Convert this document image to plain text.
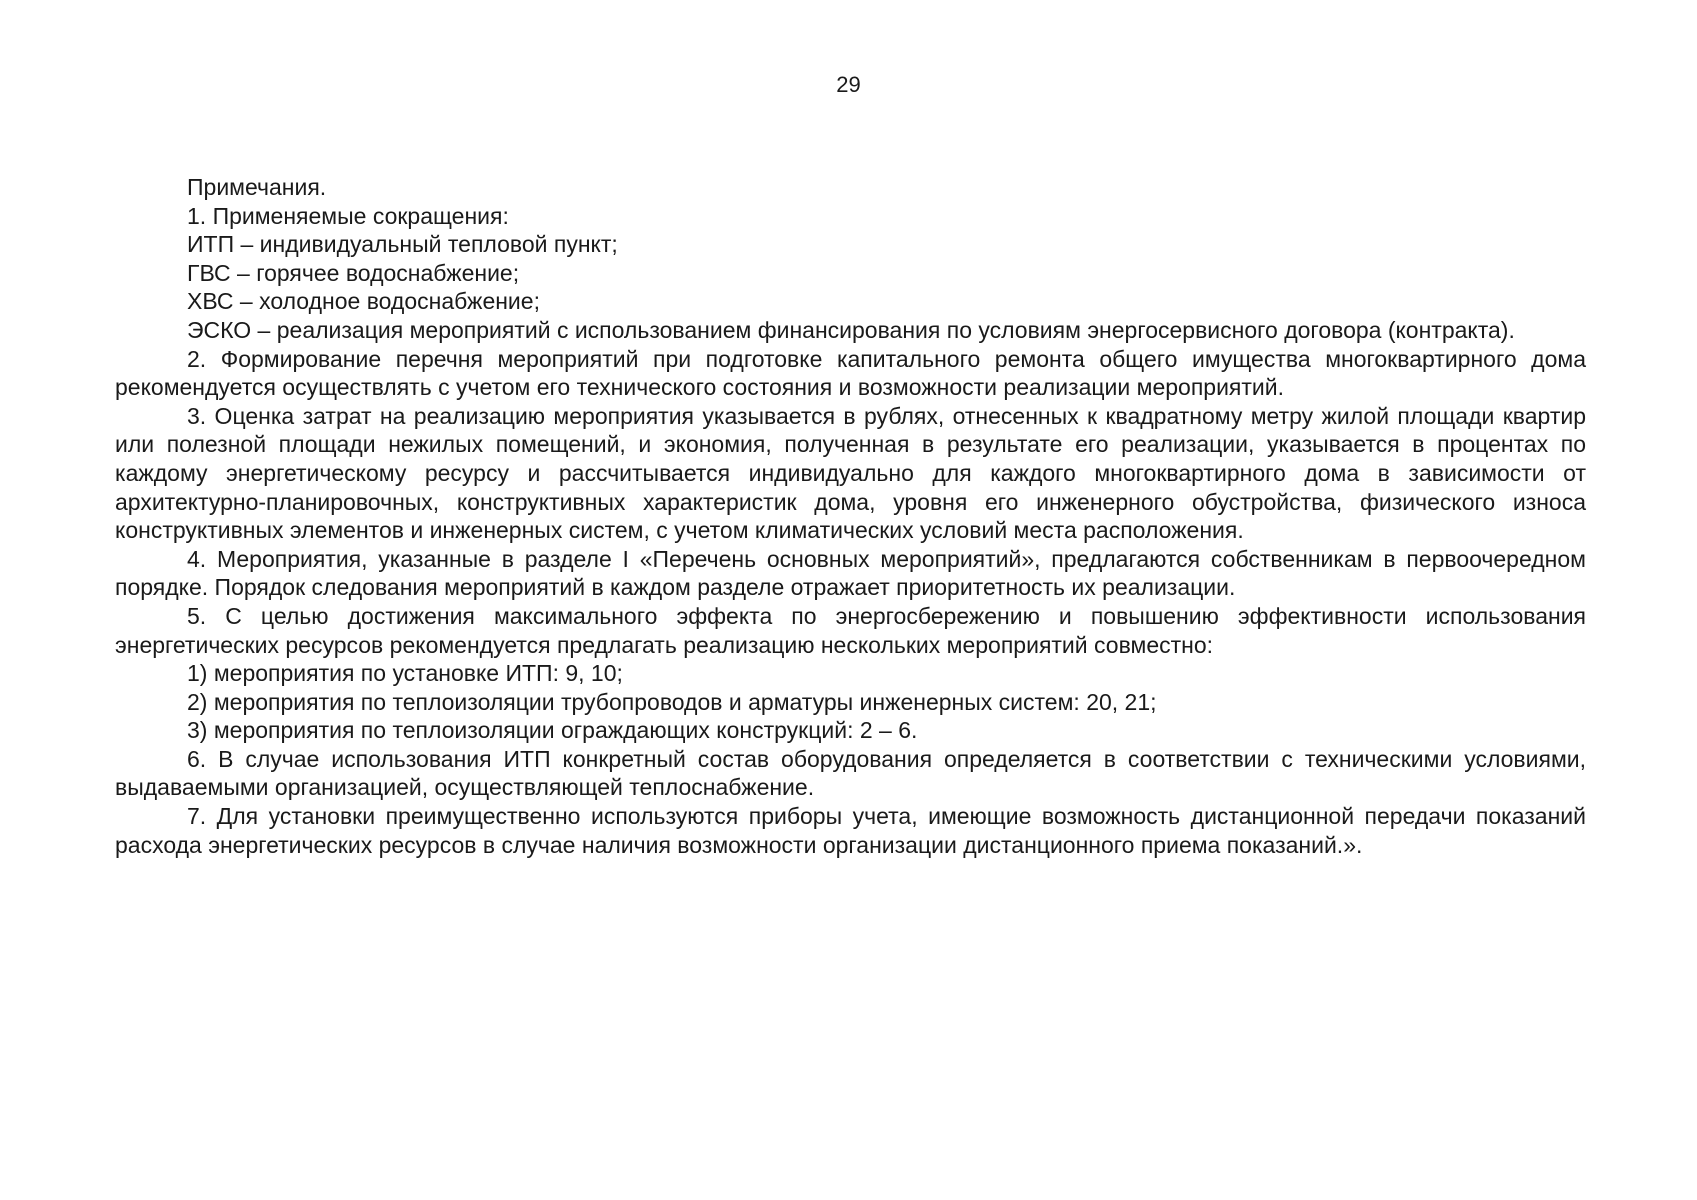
29

Примечания.

1. Применяемые сокращения:

ИТП – индивидуальный тепловой пункт;

ГВС – горячее водоснабжение;

ХВС – холодное водоснабжение;

ЭСКО – реализация мероприятий с использованием финансирования по условиям энергосервисного договора (контракта).

2. Формирование перечня мероприятий при подготовке капитального ремонта общего имущества многоквартирного дома рекомендуется осуществлять с учетом его технического состояния и возможности реализации мероприятий.

3. Оценка затрат на реализацию мероприятия указывается в рублях, отнесенных к квадратному метру жилой площади квартир или полезной площади нежилых помещений, и экономия, полученная в результате его реализации, указывается в процентах по каждому энергетическому ресурсу и рассчитывается индивидуально для каждого многоквартирного дома в зависимости от архитектурно-планировочных, конструктивных характеристик дома, уровня его инженерного обустройства, физического износа конструктивных элементов и инженерных систем, с учетом климатических условий места расположения.

4. Мероприятия, указанные в разделе I «Перечень основных мероприятий», предлагаются собственникам в первоочередном порядке. Порядок следования мероприятий в каждом разделе отражает приоритетность их реализации.

5. С целью достижения максимального эффекта по энергосбережению и повышению эффективности использования энергетических ресурсов рекомендуется предлагать реализацию нескольких мероприятий совместно:

1) мероприятия по установке ИТП: 9, 10;

2) мероприятия по теплоизоляции трубопроводов и арматуры инженерных систем: 20, 21;

3) мероприятия по теплоизоляции ограждающих конструкций: 2 – 6.

6. В случае использования ИТП конкретный состав оборудования определяется в соответствии с техническими условиями, выдаваемыми организацией, осуществляющей теплоснабжение.

7. Для установки преимущественно используются приборы учета, имеющие возможность дистанционной передачи показаний расхода энергетических ресурсов в случае наличия возможности организации дистанционного приема показаний.».
